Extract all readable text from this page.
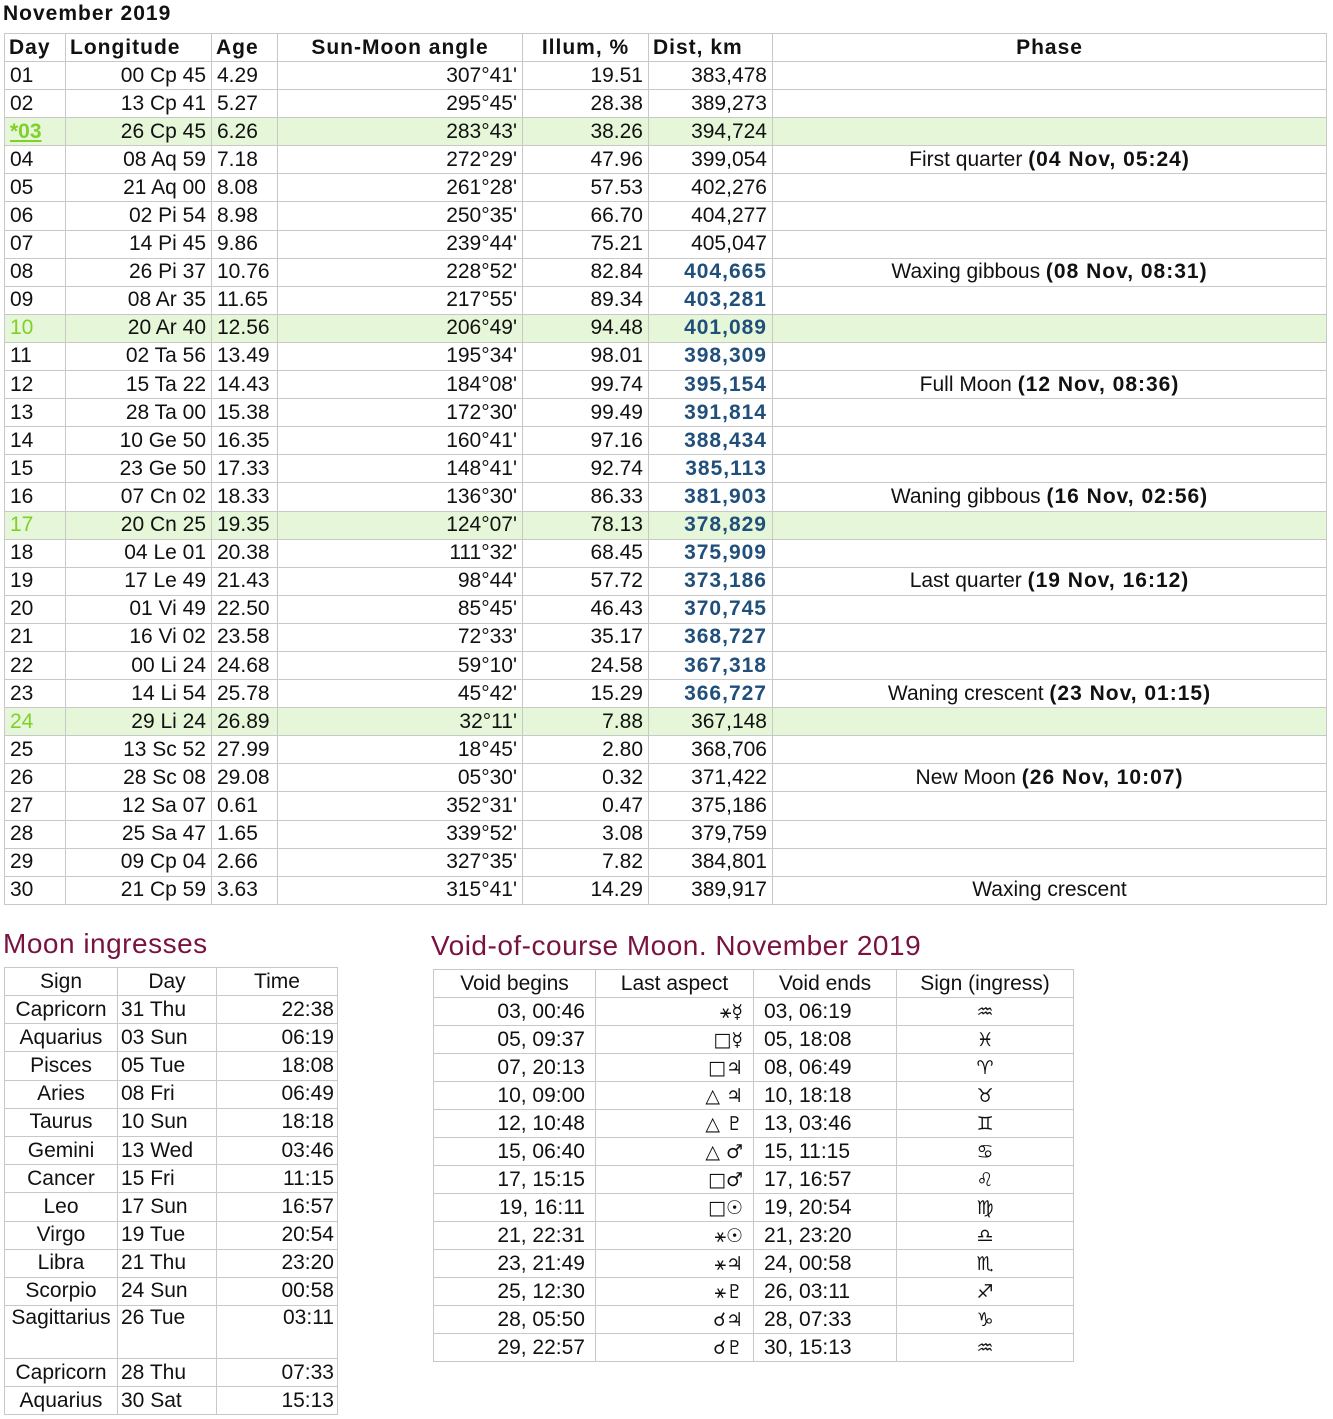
November 2019
Day	Longitude	Age	Sun-Moon angle	Illum, %	Dist, km	Phase
01	00 Cp 45	4.29	307°41'	19.51	383,478	
02	13 Cp 41	5.27	295°45'	28.38	389,273	
*03	26 Cp 45	6.26	283°43'	38.26	394,724	
04	08 Aq 59	7.18	272°29'	47.96	399,054	First quarter (04 Nov, 05:24)
05	21 Aq 00	8.08	261°28'	57.53	402,276	
06	02 Pi 54	8.98	250°35'	66.70	404,277	
07	14 Pi 45	9.86	239°44'	75.21	405,047	
08	26 Pi 37	10.76	228°52'	82.84	404,665	Waxing gibbous (08 Nov, 08:31)
09	08 Ar 35	11.65	217°55'	89.34	403,281	
10	20 Ar 40	12.56	206°49'	94.48	401,089	
11	02 Ta 56	13.49	195°34'	98.01	398,309	
12	15 Ta 22	14.43	184°08'	99.74	395,154	Full Moon (12 Nov, 08:36)
13	28 Ta 00	15.38	172°30'	99.49	391,814	
14	10 Ge 50	16.35	160°41'	97.16	388,434	
15	23 Ge 50	17.33	148°41'	92.74	385,113	
16	07 Cn 02	18.33	136°30'	86.33	381,903	Waning gibbous (16 Nov, 02:56)
17	20 Cn 25	19.35	124°07'	78.13	378,829	
18	04 Le 01	20.38	111°32'	68.45	375,909	
19	17 Le 49	21.43	98°44'	57.72	373,186	Last quarter (19 Nov, 16:12)
20	01 Vi 49	22.50	85°45'	46.43	370,745	
21	16 Vi 02	23.58	72°33'	35.17	368,727	
22	00 Li 24	24.68	59°10'	24.58	367,318	
23	14 Li 54	25.78	45°42'	15.29	366,727	Waning crescent (23 Nov, 01:15)
24	29 Li 24	26.89	32°11'	7.88	367,148	
25	13 Sc 52	27.99	18°45'	2.80	368,706	
26	28 Sc 08	29.08	05°30'	0.32	371,422	New Moon (26 Nov, 10:07)
27	12 Sa 07	0.61	352°31'	0.47	375,186	
28	25 Sa 47	1.65	339°52'	3.08	379,759	
29	09 Cp 04	2.66	327°35'	7.82	384,801	
30	21 Cp 59	3.63	315°41'	14.29	389,917	Waxing crescent
Moon ingresses
Sign	Day	Time
Capricorn	31 Thu	22:38
Aquarius	03 Sun	06:19
Pisces	05 Tue	18:08
Aries	08 Fri	06:49
Taurus	10 Sun	18:18
Gemini	13 Wed	03:46
Cancer	15 Fri	11:15
Leo	17 Sun	16:57
Virgo	19 Tue	20:54
Libra	21 Thu	23:20
Scorpio	24 Sun	00:58
Sagittarius	26 Tue	03:11
Capricorn	28 Thu	07:33
Aquarius	30 Sat	15:13
Void-of-course Moon. November 2019
Void begins	Last aspect	Void ends	Sign (ingress)
03, 00:46	⚹☿	03, 06:19	♒
05, 09:37	□☿	05, 18:08	♓
07, 20:13	□♃	08, 06:49	♈
10, 09:00	△ ♃	10, 18:18	♉
12, 10:48	△ ♇	13, 03:46	♊
15, 06:40	△ ♂	15, 11:15	♋
17, 15:15	□♂	17, 16:57	♌
19, 16:11	□☉	19, 20:54	♍
21, 22:31	⚹☉	21, 23:20	♎
23, 21:49	⚹♃	24, 00:58	♏
25, 12:30	⚹♇	26, 03:11	♐
28, 05:50	☌♃	28, 07:33	♑
29, 22:57	☌♇	30, 15:13	♒
